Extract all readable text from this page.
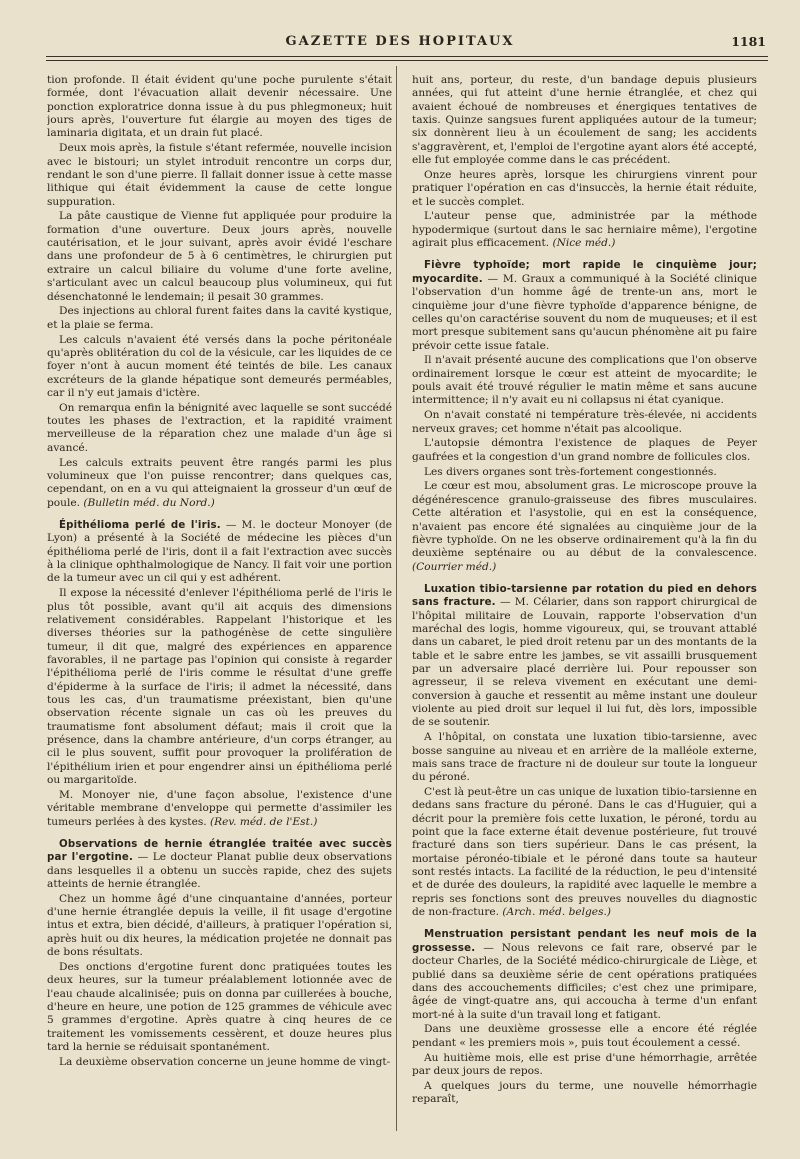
GAZETTE DES HOPITAUX	1181

tion profonde. Il était évident qu'une poche purulente s'était formée, dont l'évacuation allait devenir nécessaire. Une ponction exploratrice donna issue à du pus phlegmoneux; huit jours après, l'ouverture fut élargie au moyen des tiges de laminaria digitata, et un drain fut placé.

Deux mois après, la fistule s'étant refermée, nouvelle incision avec le bistouri; un stylet introduit rencontre un corps dur, rendant le son d'une pierre. Il fallait donner issue à cette masse lithique qui était évidemment la cause de cette longue suppuration.

La pâte caustique de Vienne fut appliquée pour produire la formation d'une ouverture. Deux jours après, nouvelle cautérisation, et le jour suivant, après avoir évidé l'eschare dans une profondeur de 5 à 6 centimètres, le chirurgien put extraire un calcul biliaire du volume d'une forte aveline, s'articulant avec un calcul beaucoup plus volumineux, qui fut désenchatonné le lendemain; il pesait 30 grammes.

Des injections au chloral furent faites dans la cavité kystique, et la plaie se ferma.

Les calculs n'avaient été versés dans la poche péritonéale qu'après oblitération du col de la vésicule, car les liquides de ce foyer n'ont à aucun moment été teintés de bile. Les canaux excréteurs de la glande hépatique sont demeurés perméables, car il n'y eut jamais d'ictère.

On remarqua enfin la bénignité avec laquelle se sont succédé toutes les phases de l'extraction, et la rapidité vraiment merveilleuse de la réparation chez une malade d'un âge si avancé.

Les calculs extraits peuvent être rangés parmi les plus volumineux que l'on puisse rencontrer; dans quelques cas, cependant, on en a vu qui atteignaient la grosseur d'un œuf de poule. (Bulletin méd. du Nord.)

Épithélioma perlé de l'iris. — M. le docteur Monoyer (de Lyon) a présenté à la Société de médecine les pièces d'un épithélioma perlé de l'iris, dont il a fait l'extraction avec succès à la clinique ophthalmologique de Nancy. Il fait voir une portion de la tumeur avec un cil qui y est adhérent.

Il expose la nécessité d'enlever l'épithélioma perlé de l'iris le plus tôt possible, avant qu'il ait acquis des dimensions relativement considérables. Rappelant l'historique et les diverses théories sur la pathogénèse de cette singulière tumeur, il dit que, malgré des expériences en apparence favorables, il ne partage pas l'opinion qui consiste à regarder l'épithélioma perlé de l'iris comme le résultat d'une greffe d'épiderme à la surface de l'iris; il admet la nécessité, dans tous les cas, d'un traumatisme préexistant, bien qu'une observation récente signale un cas où les preuves du traumatisme font absolument défaut; mais il croit que la présence, dans la chambre antérieure, d'un corps étranger, au cil le plus souvent, suffit pour provoquer la prolifération de l'épithélium irien et pour engendrer ainsi un épithélioma perlé ou margaritoïde.

M. Monoyer nie, d'une façon absolue, l'existence d'une véritable membrane d'enveloppe qui permette d'assimiler les tumeurs perlées à des kystes. (Rev. méd. de l'Est.)

Observations de hernie étranglée traitée avec succès par l'ergotine. — Le docteur Planat publie deux observations dans lesquelles il a obtenu un succès rapide, chez des sujets atteints de hernie étranglée.

Chez un homme âgé d'une cinquantaine d'années, porteur d'une hernie étranglée depuis la veille, il fit usage d'ergotine intus et extra, bien décidé, d'ailleurs, à pratiquer l'opération si, après huit ou dix heures, la médication projetée ne donnait pas de bons résultats.

Des onctions d'ergotine furent donc pratiquées toutes les deux heures, sur la tumeur préalablement lotionnée avec de l'eau chaude alcalinisée; puis on donna par cuillerées à bouche, d'heure en heure, une potion de 125 grammes de véhicule avec 5 grammes d'ergotine. Après quatre à cinq heures de ce traitement les vomissements cessèrent, et douze heures plus tard la hernie se réduisait spontanément.

La deuxième observation concerne un jeune homme de vingt-

huit ans, porteur, du reste, d'un bandage depuis plusieurs années, qui fut atteint d'une hernie étranglée, et chez qui avaient échoué de nombreuses et énergiques tentatives de taxis. Quinze sangsues furent appliquées autour de la tumeur; six donnèrent lieu à un écoulement de sang; les accidents s'aggravèrent, et, l'emploi de l'ergotine ayant alors été accepté, elle fut employée comme dans le cas précédent.

Onze heures après, lorsque les chirurgiens vinrent pour pratiquer l'opération en cas d'insuccès, la hernie était réduite, et le succès complet.

L'auteur pense que, administrée par la méthode hypodermique (surtout dans le sac herniaire même), l'ergotine agirait plus efficacement. (Nice méd.)

Fièvre typhoïde; mort rapide le cinquième jour; myocardite. — M. Graux a communiqué à la Société clinique l'observation d'un homme âgé de trente-un ans, mort le cinquième jour d'une fièvre typhoïde d'apparence bénigne, de celles qu'on caractérise souvent du nom de muqueuses; et il est mort presque subitement sans qu'aucun phénomène ait pu faire prévoir cette issue fatale.

Il n'avait présenté aucune des complications que l'on observe ordinairement lorsque le cœur est atteint de myocardite; le pouls avait été trouvé régulier le matin même et sans aucune intermittence; il n'y avait eu ni collapsus ni état cyanique.

On n'avait constaté ni température très-élevée, ni accidents nerveux graves; cet homme n'était pas alcoolique.

L'autopsie démontra l'existence de plaques de Peyer gaufrées et la congestion d'un grand nombre de follicules clos.

Les divers organes sont très-fortement congestionnés.

Le cœur est mou, absolument gras. Le microscope prouve la dégénérescence granulo-graisseuse des fibres musculaires. Cette altération et l'asystolie, qui en est la conséquence, n'avaient pas encore été signalées au cinquième jour de la fièvre typhoïde. On ne les observe ordinairement qu'à la fin du deuxième septénaire ou au début de la convalescence. (Courrier méd.)

Luxation tibio-tarsienne par rotation du pied en dehors sans fracture. — M. Célarier, dans son rapport chirurgical de l'hôpital militaire de Louvain, rapporte l'observation d'un maréchal des logis, homme vigoureux, qui, se trouvant attablé dans un cabaret, le pied droit retenu par un des montants de la table et le sabre entre les jambes, se vit assailli brusquement par un adversaire placé derrière lui. Pour repousser son agresseur, il se releva vivement en exécutant une demi-conversion à gauche et ressentit au même instant une douleur violente au pied droit sur lequel il lui fut, dès lors, impossible de se soutenir.

A l'hôpital, on constata une luxation tibio-tarsienne, avec bosse sanguine au niveau et en arrière de la malléole externe, mais sans trace de fracture ni de douleur sur toute la longueur du péroné.

C'est là peut-être un cas unique de luxation tibio-tarsienne en dedans sans fracture du péroné. Dans le cas d'Huguier, qui a décrit pour la première fois cette luxation, le péroné, tordu au point que la face externe était devenue postérieure, fut trouvé fracturé dans son tiers supérieur. Dans le cas présent, la mortaise péronéo-tibiale et le péroné dans toute sa hauteur sont restés intacts. La facilité de la réduction, le peu d'intensité et de durée des douleurs, la rapidité avec laquelle le membre a repris ses fonctions sont des preuves nouvelles du diagnostic de non-fracture. (Arch. méd. belges.)

Menstruation persistant pendant les neuf mois de la grossesse. — Nous relevons ce fait rare, observé par le docteur Charles, de la Société médico-chirurgicale de Liège, et publié dans sa deuxième série de cent opérations pratiquées dans des accouchements difficiles; c'est chez une primipare, âgée de vingt-quatre ans, qui accoucha à terme d'un enfant mort-né à la suite d'un travail long et fatigant.

Dans une deuxième grossesse elle a encore été réglée pendant « les premiers mois », puis tout écoulement a cessé.

Au huitième mois, elle est prise d'une hémorrhagie, arrêtée par deux jours de repos.

A quelques jours du terme, une nouvelle hémorrhagie reparaît,
